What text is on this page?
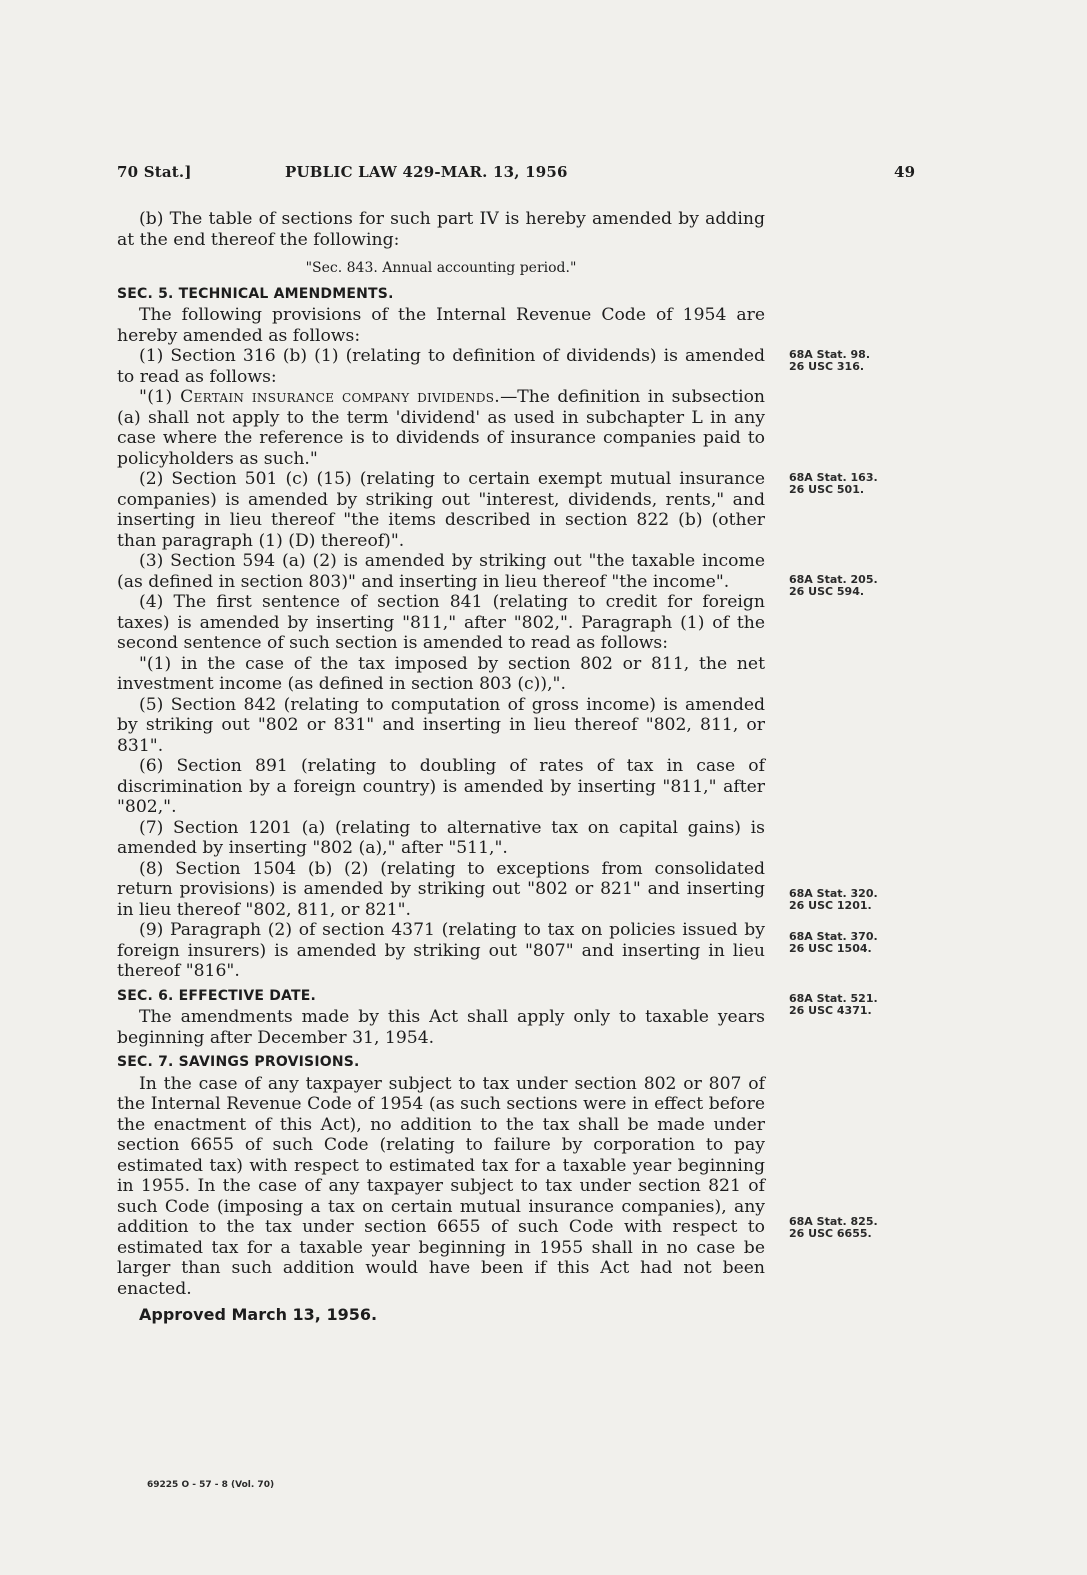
70 Stat.]	PUBLIC LAW 429-MAR. 13, 1956	49

(b) The table of sections for such part IV is hereby amended by adding at the end thereof the following:

"Sec. 843. Annual accounting period."

SEC. 5. TECHNICAL AMENDMENTS.

The following provisions of the Internal Revenue Code of 1954 are hereby amended as follows:

(1) Section 316 (b) (1) (relating to definition of dividends) is amended to read as follows:

"(1) Certain insurance company dividends.—The definition in subsection (a) shall not apply to the term 'dividend' as used in subchapter L in any case where the reference is to dividends of insurance companies paid to policyholders as such."

(2) Section 501 (c) (15) (relating to certain exempt mutual insurance companies) is amended by striking out "interest, dividends, rents," and inserting in lieu thereof "the items described in section 822 (b) (other than paragraph (1) (D) thereof)".

(3) Section 594 (a) (2) is amended by striking out "the taxable income (as defined in section 803)" and inserting in lieu thereof "the income".

(4) The first sentence of section 841 (relating to credit for foreign taxes) is amended by inserting "811," after "802,". Paragraph (1) of the second sentence of such section is amended to read as follows:

"(1) in the case of the tax imposed by section 802 or 811, the net investment income (as defined in section 803 (c)),".

(5) Section 842 (relating to computation of gross income) is amended by striking out "802 or 831" and inserting in lieu thereof "802, 811, or 831".

(6) Section 891 (relating to doubling of rates of tax in case of discrimination by a foreign country) is amended by inserting "811," after "802,".

(7) Section 1201 (a) (relating to alternative tax on capital gains) is amended by inserting "802 (a)," after "511,".

(8) Section 1504 (b) (2) (relating to exceptions from consolidated return provisions) is amended by striking out "802 or 821" and inserting in lieu thereof "802, 811, or 821".

(9) Paragraph (2) of section 4371 (relating to tax on policies issued by foreign insurers) is amended by striking out "807" and inserting in lieu thereof "816".

SEC. 6. EFFECTIVE DATE.

The amendments made by this Act shall apply only to taxable years beginning after December 31, 1954.

SEC. 7. SAVINGS PROVISIONS.

In the case of any taxpayer subject to tax under section 802 or 807 of the Internal Revenue Code of 1954 (as such sections were in effect before the enactment of this Act), no addition to the tax shall be made under section 6655 of such Code (relating to failure by corporation to pay estimated tax) with respect to estimated tax for a taxable year beginning in 1955. In the case of any taxpayer subject to tax under section 821 of such Code (imposing a tax on certain mutual insurance companies), any addition to the tax under section 6655 of such Code with respect to estimated tax for a taxable year beginning in 1955 shall in no case be larger than such addition would have been if this Act had not been enacted.

Approved March 13, 1956.

68A Stat. 98.
26 USC 316.
68A Stat. 163.
26 USC 501.
68A Stat. 205.
26 USC 594.
68A Stat. 320.
26 USC 1201.
68A Stat. 370.
26 USC 1504.
68A Stat. 521.
26 USC 4371.
68A Stat. 825.
26 USC 6655.
69225 O - 57 - 8 (Vol. 70)
